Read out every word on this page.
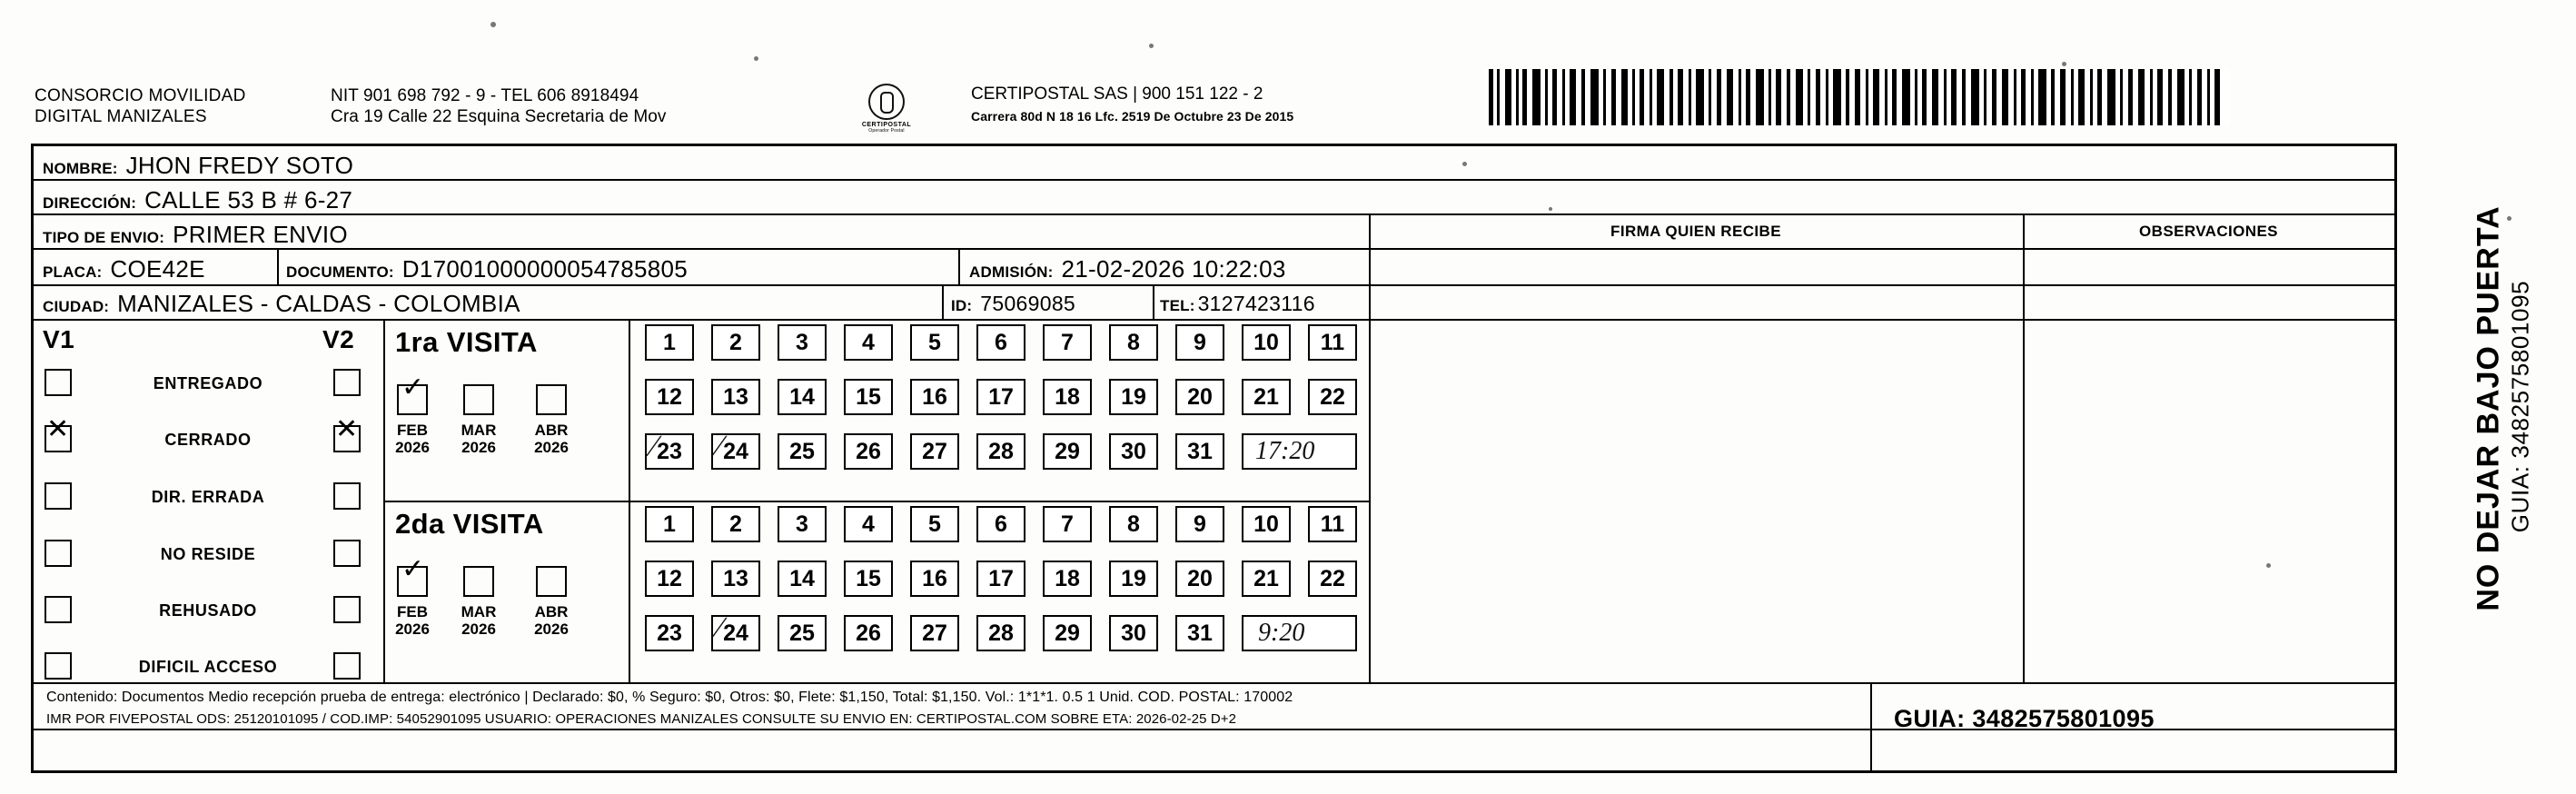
CONSORCIO MOVILIDAD
DIGITAL MANIZALES
NIT 901 698 792 - 9 - TEL 606 8918494
Cra 19 Calle 22 Esquina Secretaria de Mov	CERTIPOSTAL
Operador Postal
CERTIPOSTAL SAS | 900 151 122 - 2
Carrera 80d N 18 16 Lfc. 2519 De Octubre 23 De 2015
NOMBRE: JHON FREDY SOTO
DIRECCIÓN: CALLE 53 B # 6-27
TIPO DE ENVIO: PRIMER ENVIO
PLACA: COE42E	DOCUMENTO: D17001000000054785805	ADMISIÓN: 21-02-2026 10:22:03
CIUDAD: MANIZALES - CALDAS - COLOMBIA	ID: 75069085	TEL: 3127423116
FIRMA QUIEN RECIBE	OBSERVACIONES
V1	V2
ENTREGADO
✕	CERRADO	✕
DIR. ERRADA
NO RESIDE
REHUSADO
DIFICIL ACCESO
1ra VISITA
✓
FEB
2026
MAR
2026
ABR
2026
1	2	3	4	5	6	7	8	9	10	11
12	13	14	15	16	17	18	19	20	21	22
23	24	25	26	27	28	29	30	31	17:20
∕ ∕
2da VISITA
✓
FEB
2026
MAR
2026
ABR
2026
1	2	3	4	5	6	7	8	9	10	11
12	13	14	15	16	17	18	19	20	21	22
23	24	25	26	27	28	29	30	31	9:20
∕
Contenido: Documentos Medio recepción prueba de entrega: electrónico | Declarado: $0, % Seguro: $0, Otros: $0, Flete: $1,150, Total: $1,150. Vol.: 1*1*1. 0.5 1 Unid. COD. POSTAL: 170002
IMR POR FIVEPOSTAL ODS: 25120101095 / COD.IMP: 54052901095 USUARIO: OPERACIONES MANIZALES CONSULTE SU ENVIO EN: CERTIPOSTAL.COM SOBRE ETA: 2026-02-25 D+2	GUIA: 3482575801095
NO DEJAR BAJO PUERTA GUIA: 3482575801095
